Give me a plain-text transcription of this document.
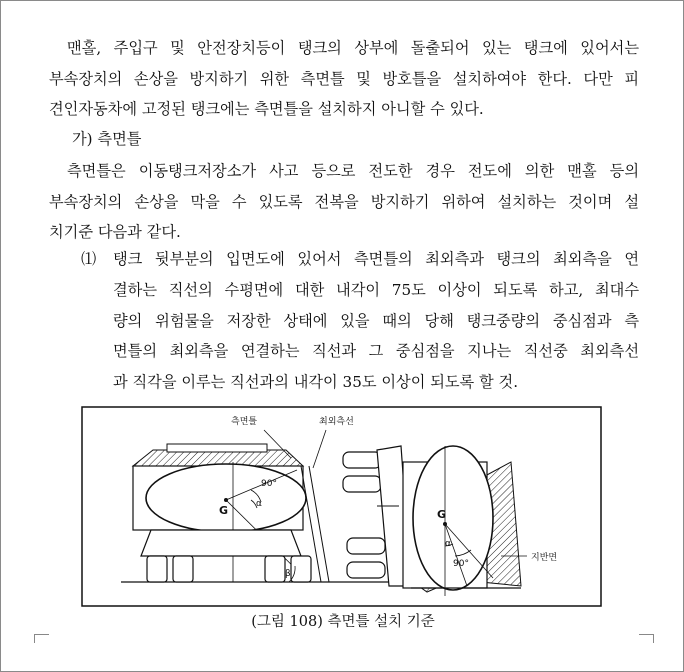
맨홀, 주입구 및 안전장치등이 탱크의 상부에 돌출되어 있는 탱크에 있어서는
부속장치의 손상을 방지하기 위한 측면틀 및 방호틀을 설치하여야 한다. 다만 피
견인자동차에 고정된 탱크에는 측면틀을 설치하지 아니할 수 있다.

가) 측면틀

측면틀은 이동탱크저장소가 사고 등으로 전도한 경우 전도에 의한 맨홀 등의
부속장치의 손상을 막을 수 있도록 전복을 방지하기 위하여 설치하는 것이며 설
치기준 다음과 같다.

⑴ 탱크 뒷부분의 입면도에 있어서 측면틀의 최외측과 탱크의 최외측을 연
결하는 직선의 수평면에 대한 내각이 75도 이상이 되도록 하고, 최대수
량의 위험물을 저장한 상태에 있을 때의 당해 탱크중량의 중심점과 측
면틀의 최외측을 연결하는 직선과 그 중심점을 지나는 직선중 최외측선
과 직각을 이루는 직선과의 내각이 35도 이상이 되도록 할 것.
측면틀	최외측선
G
90°
α
β
G
α
90°
지반면
(그림 108) 측면틀 설치 기준
